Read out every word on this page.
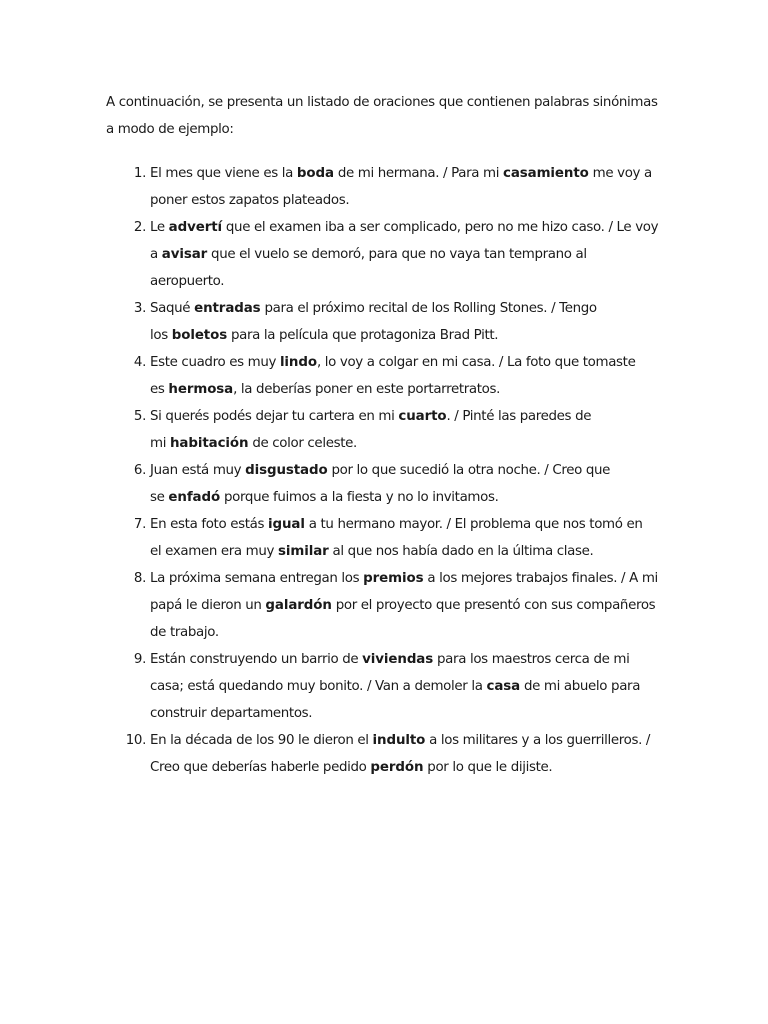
A continuación, se presenta un listado de oraciones que contienen palabras sinónimas
a modo de ejemplo:

1. El mes que viene es la boda de mi hermana. / Para mi casamiento me voy a
poner estos zapatos plateados.
2. Le advertí que el examen iba a ser complicado, pero no me hizo caso. / Le voy
a avisar que el vuelo se demoró, para que no vaya tan temprano al
aeropuerto.
3. Saqué entradas para el próximo recital de los Rolling Stones. / Tengo
los boletos para la película que protagoniza Brad Pitt.
4. Este cuadro es muy lindo, lo voy a colgar en mi casa. / La foto que tomaste
es hermosa, la deberías poner en este portarretratos.
5. Si querés podés dejar tu cartera en mi cuarto. / Pinté las paredes de
mi habitación de color celeste.
6. Juan está muy disgustado por lo que sucedió la otra noche. / Creo que
se enfadó porque fuimos a la fiesta y no lo invitamos.
7. En esta foto estás igual a tu hermano mayor. / El problema que nos tomó en
el examen era muy similar al que nos había dado en la última clase.
8. La próxima semana entregan los premios a los mejores trabajos finales. / A mi
papá le dieron un galardón por el proyecto que presentó con sus compañeros
de trabajo.
9. Están construyendo un barrio de viviendas para los maestros cerca de mi
casa; está quedando muy bonito. / Van a demoler la casa de mi abuelo para
construir departamentos.
10. En la década de los 90 le dieron el indulto a los militares y a los guerrilleros. /
Creo que deberías haberle pedido perdón por lo que le dijiste.
